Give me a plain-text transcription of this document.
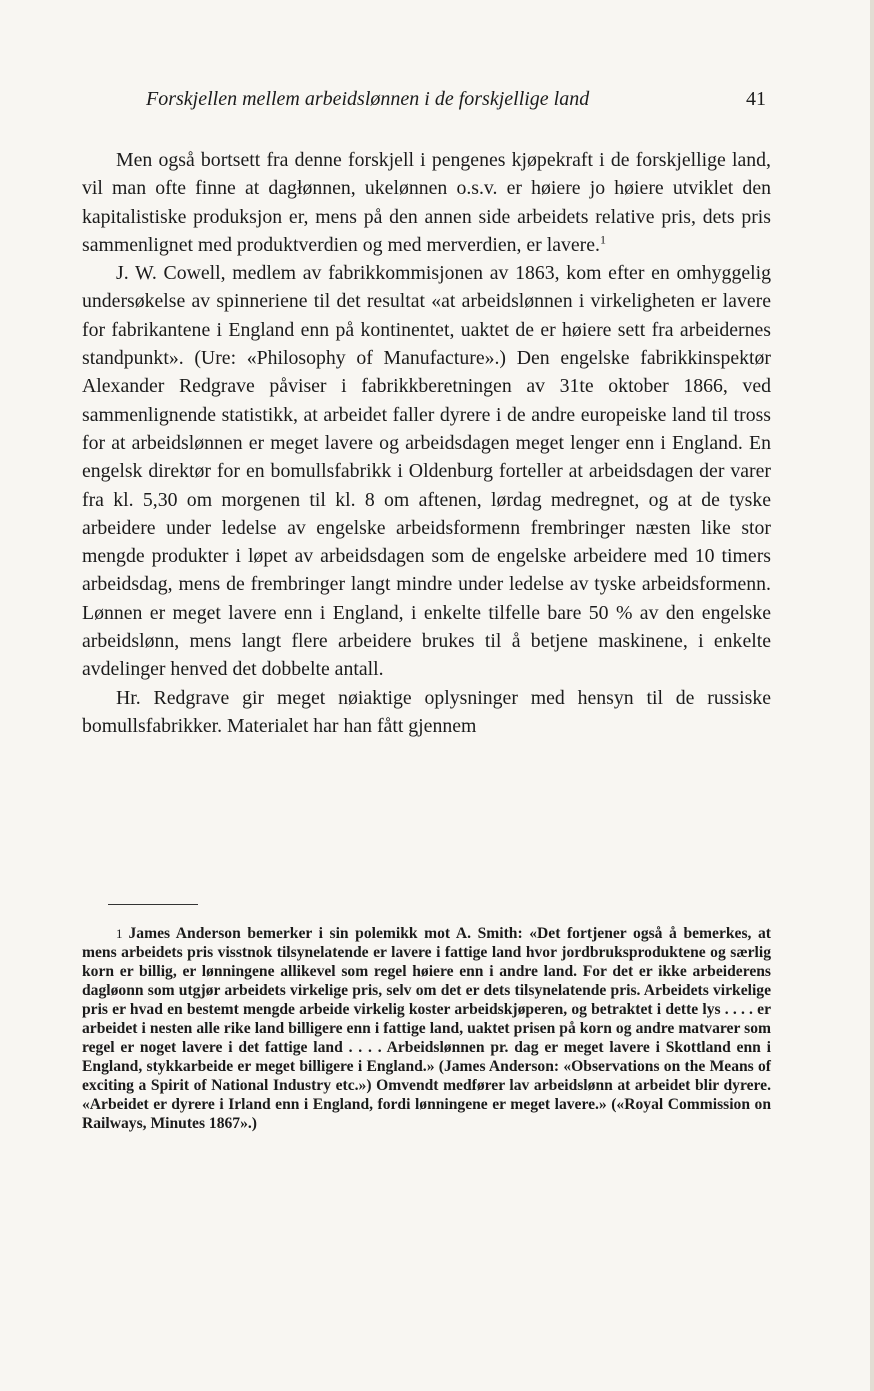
Forskjellen mellem arbeidslønnen i de forskjellige land	41

Men også bortsett fra denne forskjell i pengenes kjøpekraft i de forskjellige land, vil man ofte finne at dagłønnen, ukelønnen o.s.v. er høiere jo høiere utviklet den kapitalistiske produksjon er, mens på den annen side arbeidets relative pris, dets pris sammenlignet med produktverdien og med merverdien, er lavere.$^1$

J. W. Cowell, medlem av fabrikkommisjonen av 1863, kom efter en omhyggelig undersøkelse av spinneriene til det resultat «at arbeidslønnen i virkeligheten er lavere for fabrikantene i England enn på kontinentet, uaktet de er høiere sett fra arbeidernes standpunkt». (Ure: «Philosophy of Manufacture».) Den engelske fabrikkinspektør Alexander Redgrave påviser i fabrikkberetningen av 31te oktober 1866, ved sammenlignende statistikk, at arbeidet faller dyrere i de andre europeiske land til tross for at arbeidslønnen er meget lavere og arbeidsdagen meget lenger enn i England. En engelsk direktør for en bomullsfabrikk i Oldenburg forteller at arbeidsdagen der varer fra kl. 5,30 om morgenen til kl. 8 om aftenen, lørdag medregnet, og at de tyske arbeidere under ledelse av engelske arbeidsformenn frembringer næsten like stor mengde produkter i løpet av arbeidsdagen som de engelske arbeidere med 10 timers arbeidsdag, mens de frembringer langt mindre under ledelse av tyske arbeidsformenn. Lønnen er meget lavere enn i England, i enkelte tilfelle bare 50 % av den engelske arbeidslønn, mens langt flere arbeidere brukes til å betjene maskinene, i enkelte avdelinger henved det dobbelte antall.

Hr. Redgrave gir meget nøiaktige oplysninger med hensyn til de russiske bomullsfabrikker. Materialet har han fått gjennem

1 James Anderson bemerker i sin polemikk mot A. Smith: «Det fortjener også å bemerkes, at mens arbeidets pris visstnok tilsynelatende er lavere i fattige land hvor jordbruksproduktene og særlig korn er billig, er lønningene allikevel som regel høiere enn i andre land. For det er ikke arbeiderens dagløonn som utgjør arbeidets virkelige pris, selv om det er dets tilsynelatende pris. Arbeidets virkelige pris er hvad en bestemt mengde arbeide virkelig koster arbeidskjøperen, og betraktet i dette lys . . . . er arbeidet i nesten alle rike land billigere enn i fattige land, uaktet prisen på korn og andre matvarer som regel er noget lavere i det fattige land . . . . Arbeidslønnen pr. dag er meget lavere i Skottland enn i England, stykkarbeide er meget billigere i England.» (James Anderson: «Observations on the Means of exciting a Spirit of National Industry etc.») Omvendt medfører lav arbeidslønn at arbeidet blir dyrere. «Arbeidet er dyrere i Irland enn i England, fordi lønningene er meget lavere.» («Royal Commission on Railways, Minutes 1867».)
